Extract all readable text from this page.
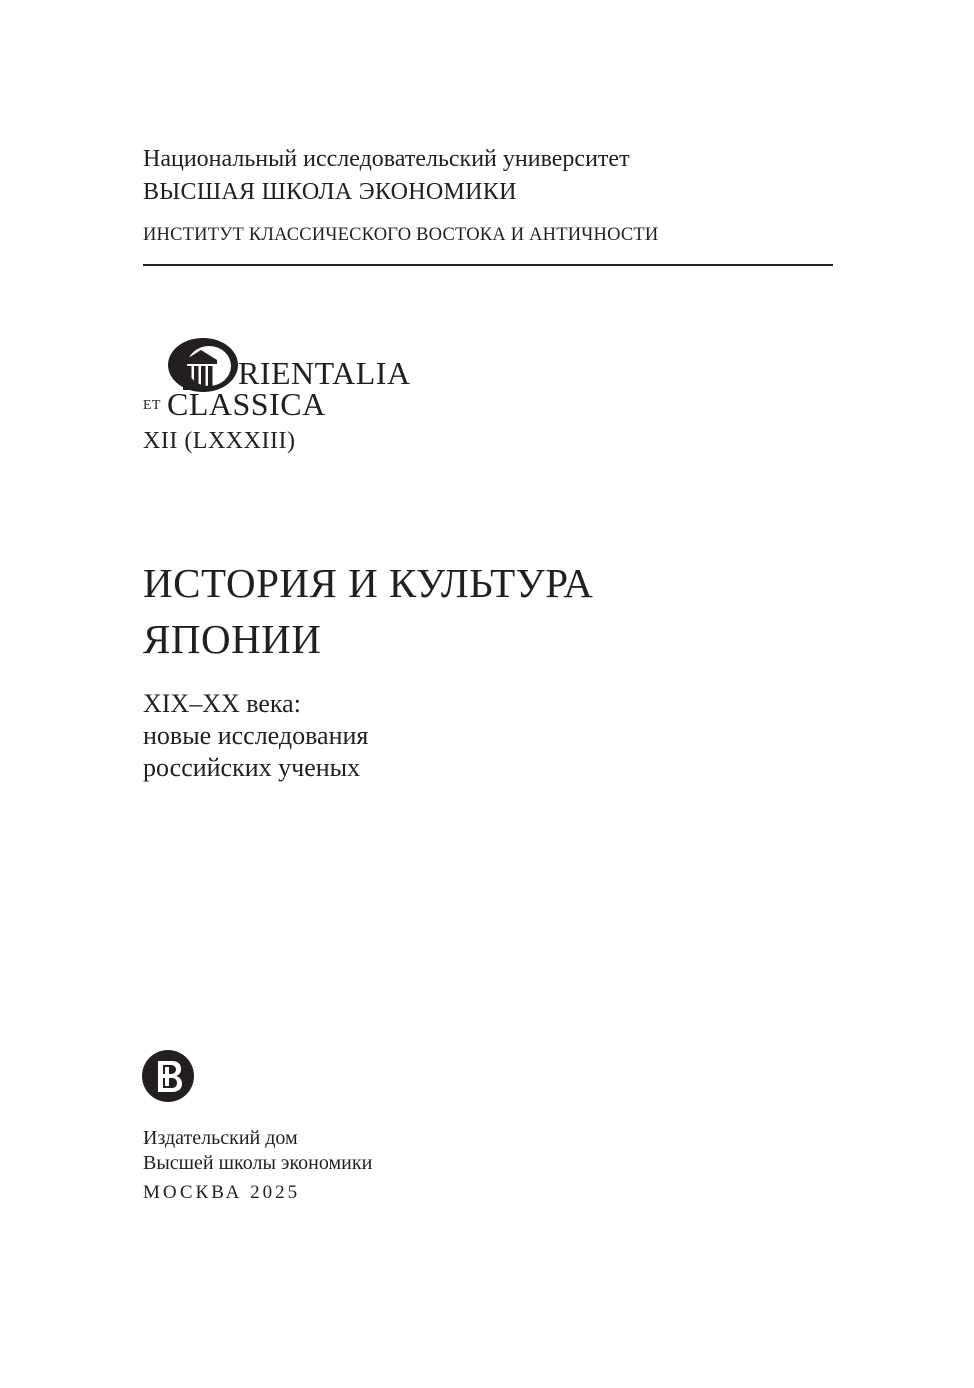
Национальный исследовательский университет
ВЫСШАЯ ШКОЛА ЭКОНОМИКИ
ИНСТИТУТ КЛАССИЧЕСКОГО ВОСТОКА И АНТИЧНОСТИ
RIENTALIA
ET CLASSICA
XII (LXXXIII)
ИСТОРИЯ И КУЛЬТУРА
ЯПОНИИ
XIX–XX века:
новые исследования
российских ученых
Издательский дом
Высшей школы экономики
МОСКВА 2025
